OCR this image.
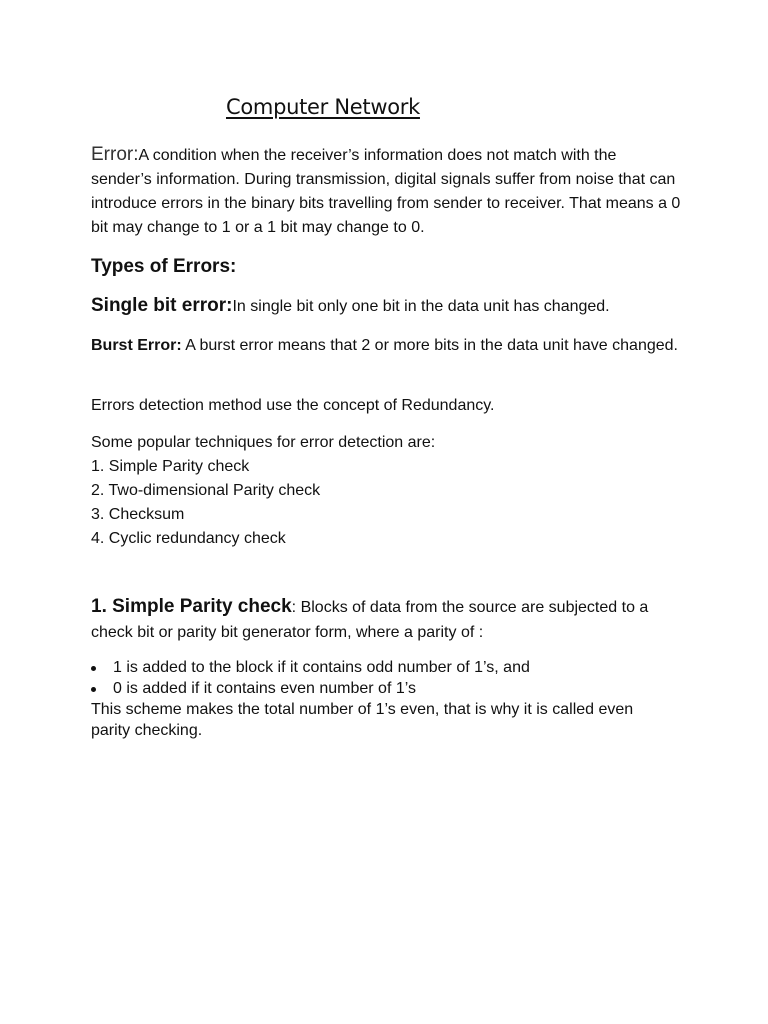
Computer Network
Error:A condition when the receiver’s information does not match with the sender’s information. During transmission, digital signals suffer from noise that can introduce errors in the binary bits travelling from sender to receiver. That means a 0 bit may change to 1 or a 1 bit may change to 0.
Types of Errors:
Single bit error:In single bit only one bit in the data unit has changed.
Burst Error: A burst error means that 2 or more bits in the data unit have changed.
Errors detection method use the concept of Redundancy.
Some popular techniques for error detection are:
1. Simple Parity check
2. Two-dimensional Parity check
3. Checksum
4. Cyclic redundancy check
1. Simple Parity check: Blocks of data from the source are subjected to a check bit or parity bit generator form, where a parity of :
1 is added to the block if it contains odd number of 1’s, and
0 is added if it contains even number of 1’s
This scheme makes the total number of 1’s even, that is why it is called even parity checking.
